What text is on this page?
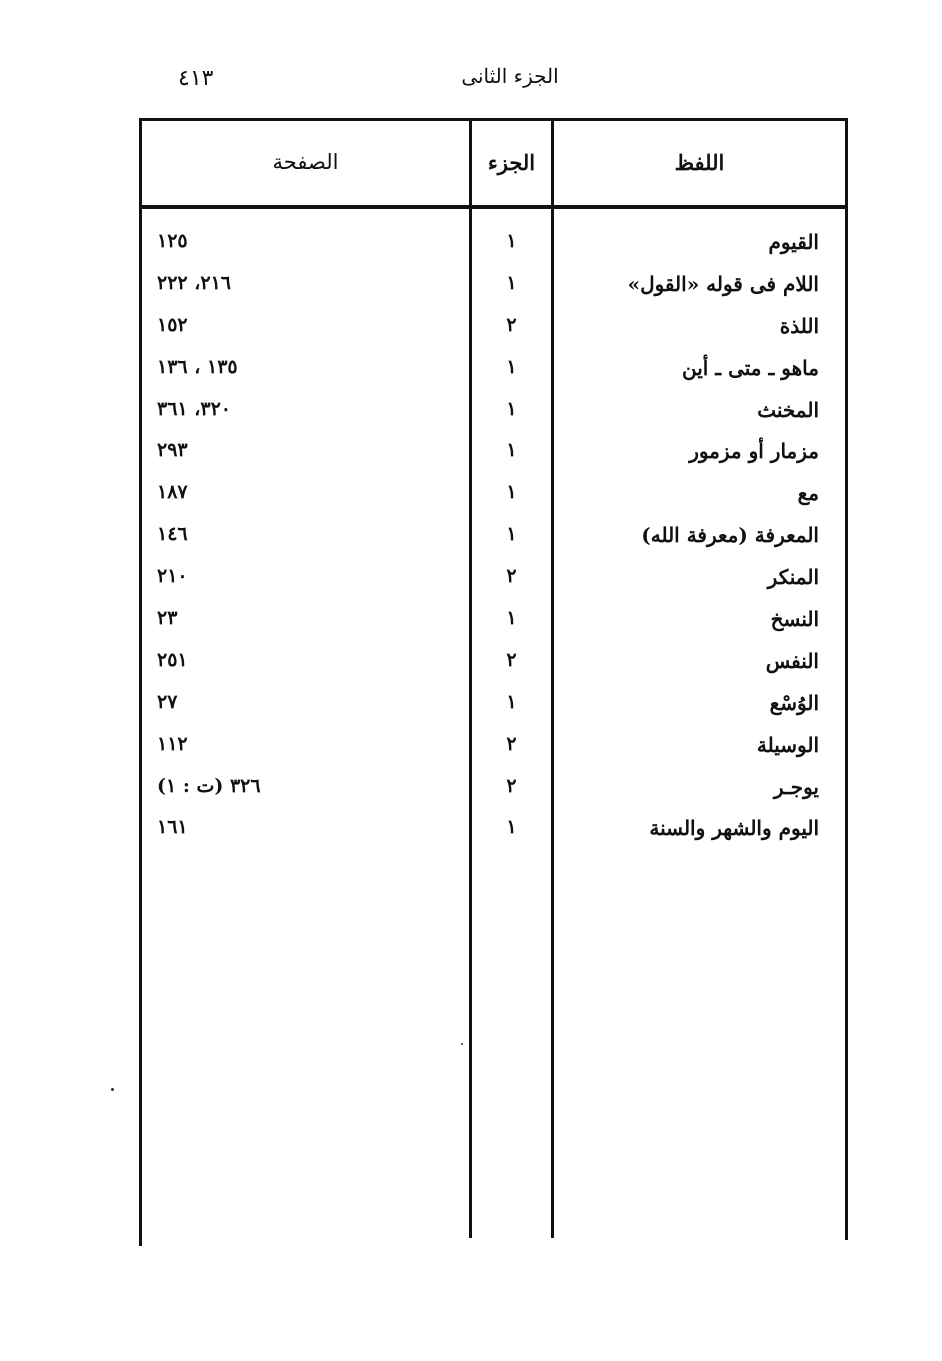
٤١٣	الجزء الثانى
اللفظ
الجزء
الصفحة
القيوم
١
١٢٥
اللام فى قوله «القول»
١
٢١٦، ٢٢٢
اللذة
٢
١٥٢
ماهو ـ متى ـ أين
١
١٣٥ ، ١٣٦
المخنث
١
٣٢٠، ٣٦١
مزمار أو مزمور
١
٢٩٣
مع
١
١٨٧
المعرفة (معرفة الله)
١
١٤٦
المنكر
٢
٢١٠
النسخ
١
٢٣
النفس
٢
٢٥١
الوُسْع
١
٢٧
الوسيلة
٢
١١٢
يوجـر
٢
٣٢٦ (ت : ١)
اليوم والشهر والسنة
١
١٦١
